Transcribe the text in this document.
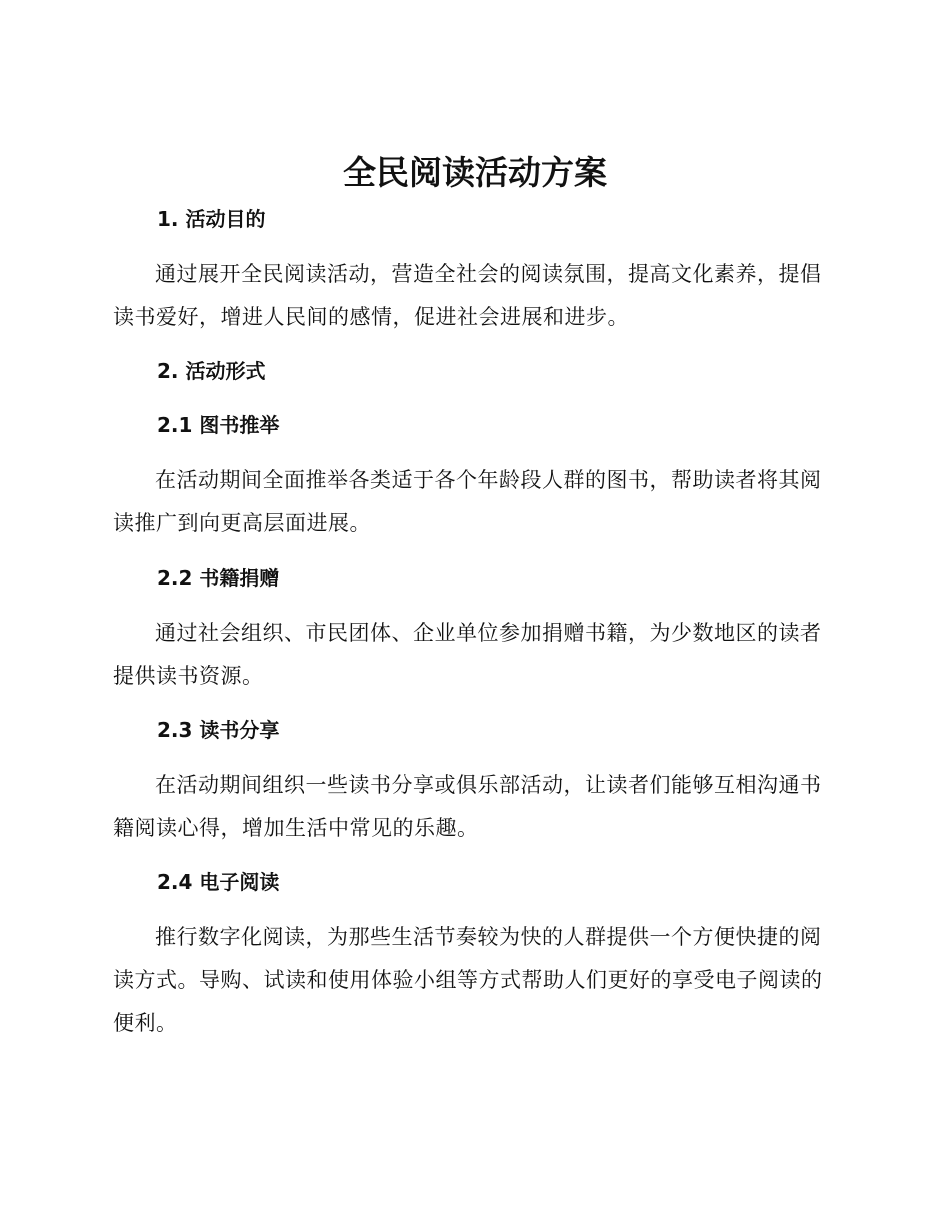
全民阅读活动方案
1. 活动目的

通过展开全民阅读活动，营造全社会的阅读氛围，提高文化素养，提倡读书爱好，增进人民间的感情，促进社会进展和进步。

2. 活动形式
2.1 图书推举

在活动期间全面推举各类适于各个年龄段人群的图书，帮助读者将其阅读推广到向更高层面进展。

2.2 书籍捐赠

通过社会组织、市民团体、企业单位参加捐赠书籍，为少数地区的读者提供读书资源。

2.3 读书分享

在活动期间组织一些读书分享或俱乐部活动，让读者们能够互相沟通书籍阅读心得，增加生活中常见的乐趣。

2.4 电子阅读

推行数字化阅读，为那些生活节奏较为快的人群提供一个方便快捷的阅读方式。导购、试读和使用体验小组等方式帮助人们更好的享受电子阅读的便利。
